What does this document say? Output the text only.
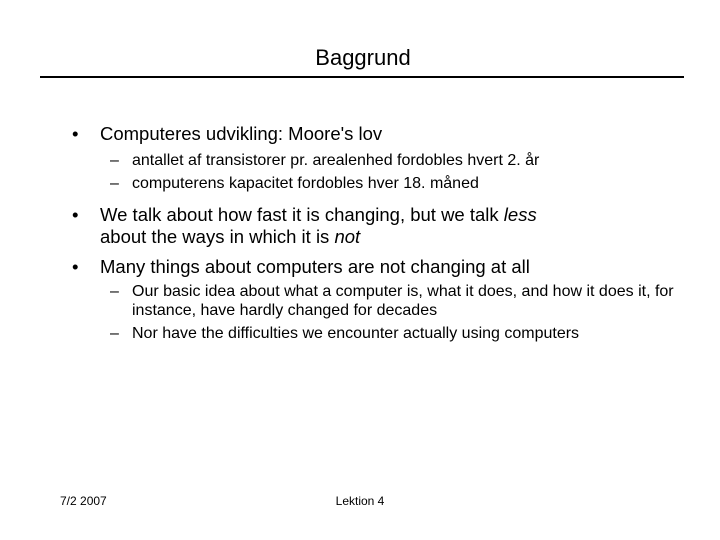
Baggrund
• Computeres udvikling: Moore's lov
– antallet af transistorer pr. arealenhed fordobles hvert 2. år
– computerens kapacitet fordobles hver 18. måned
• We talk about how fast it is changing, but we talk less
about the ways in which it is not
• Many things about computers are not changing at all
– Our basic idea about what a computer is, what it does, and how it does it, for instance, have hardly changed for decades
– Nor have the difficulties we encounter actually using computers
7/2 2007	Lektion 4
